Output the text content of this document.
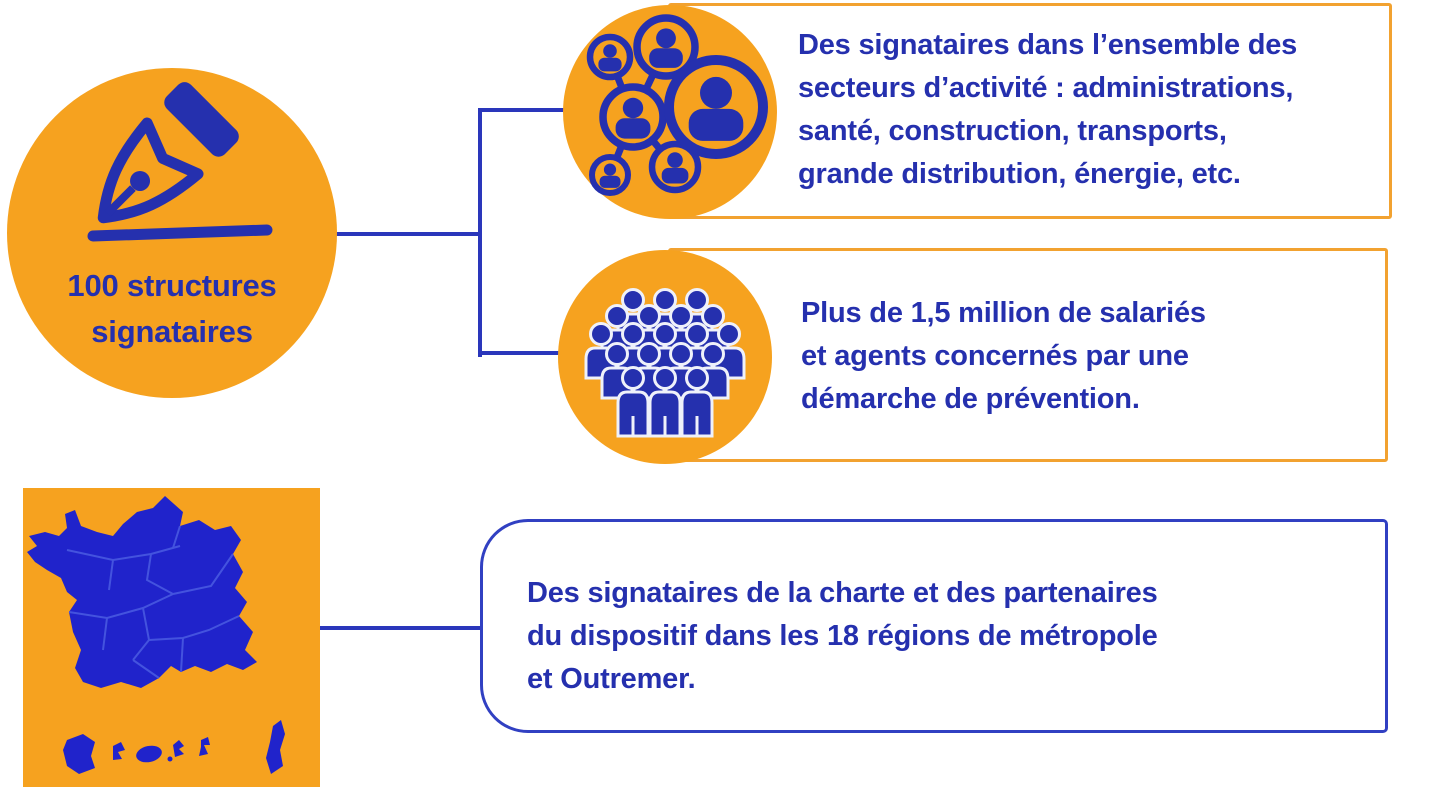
Des signataires dans l’ensemble des
secteurs d’activité : administrations,
santé, construction, transports,
grande distribution, énergie, etc.
Plus de 1,5 million de salariés
et agents concernés par une
démarche de prévention.
Des signataires de la charte et des partenaires
du dispositif dans les 18 régions de métropole
et Outremer.
100 structures
signataires
